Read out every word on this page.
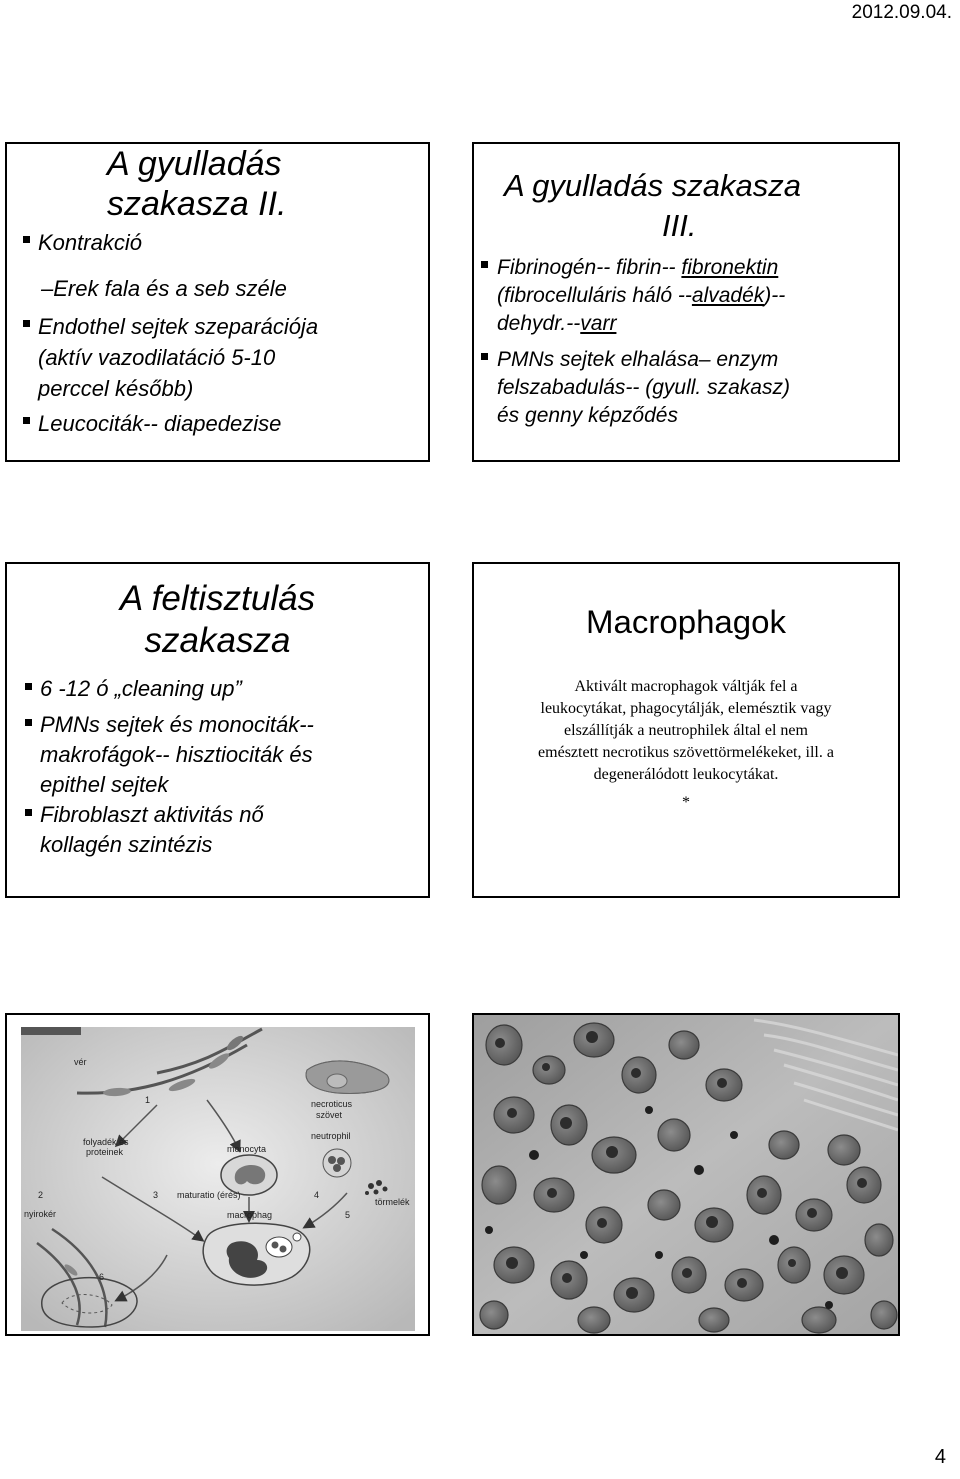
2012.09.04.
A gyulladás
szakasza II.
Kontrakció
–Erek fala és a seb széle
Endothel sejtek szeparációja
(aktív vazodilatáció 5-10
perccel később)
Leucociták-- diapedezise
A gyulladás szakasza
III.
Fibrinogén-- fibrin-- fibronektin
(fibrocelluláris háló --alvadék)--
dehydr.--varr
PMNs sejtek elhalása– enzym
felszabadulás-- (gyull. szakasz)
és genny képződés
A feltisztulás
szakasza
6 -12 ó „cleaning up”
PMNs sejtek és monociták--
makrofágok-- hisztiociták és
epithel sejtek
Fibroblaszt aktivitás nő
kollagén szintézis
Macrophagok
Aktivált macrophagok váltják fel a
leukocytákat, phagocytálják, elemésztik vagy
elszállítják a neutrophilek által el nem
emésztett necrotikus szövettörmelékeket, ill. a
degenerálódott leukocytákat.
*
vér
1	necroticus
szövet
folyadék és
proteinek	monocyta
neutrophil
2	3 maturatio (érés)	4
törmelék
nyirokér	macrophag	5
6
4
